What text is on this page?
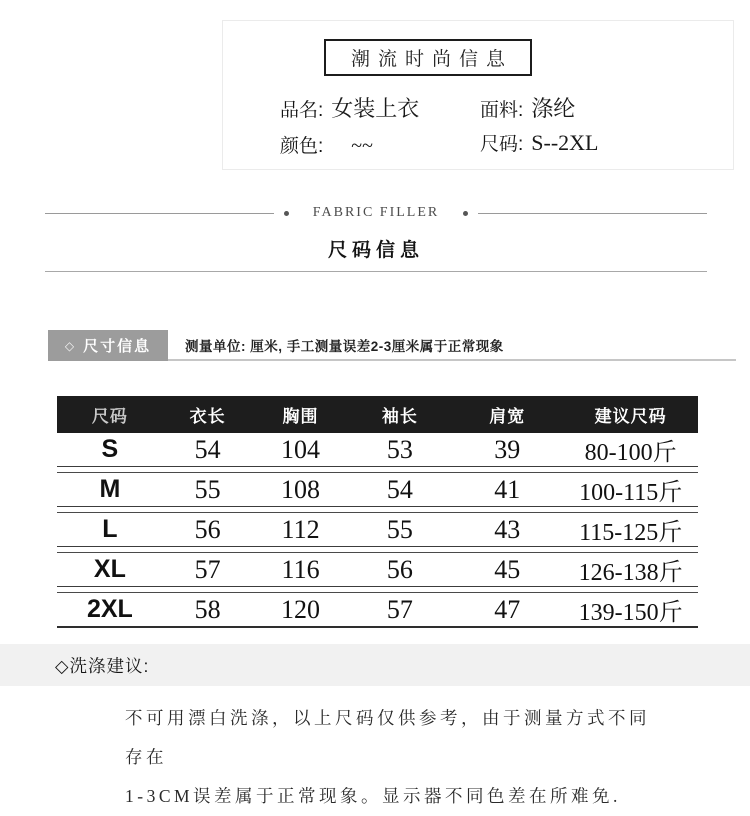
潮流时尚信息
品名: 女装上衣	面料: 涤纶
颜色: ~~	尺码: S--2XL
FABRIC FILLER
尺码信息
◇ 尺寸信息	测量单位: 厘米, 手工测量误差2-3厘米属于正常现象
尺码	衣长	胸围	袖长	肩宽	建议尺码
S	54	104	53	39	80-100斤
M	55	108	54	41	100-115斤
L	56	112	55	43	115-125斤
XL	57	116	56	45	126-138斤
2XL	58	120	57	47	139-150斤
◇洗涤建议:
不可用漂白洗涤，以上尺码仅供参考，由于测量方式不同存在
1-3CM误差属于正常现象。显示器不同色差在所难免.
